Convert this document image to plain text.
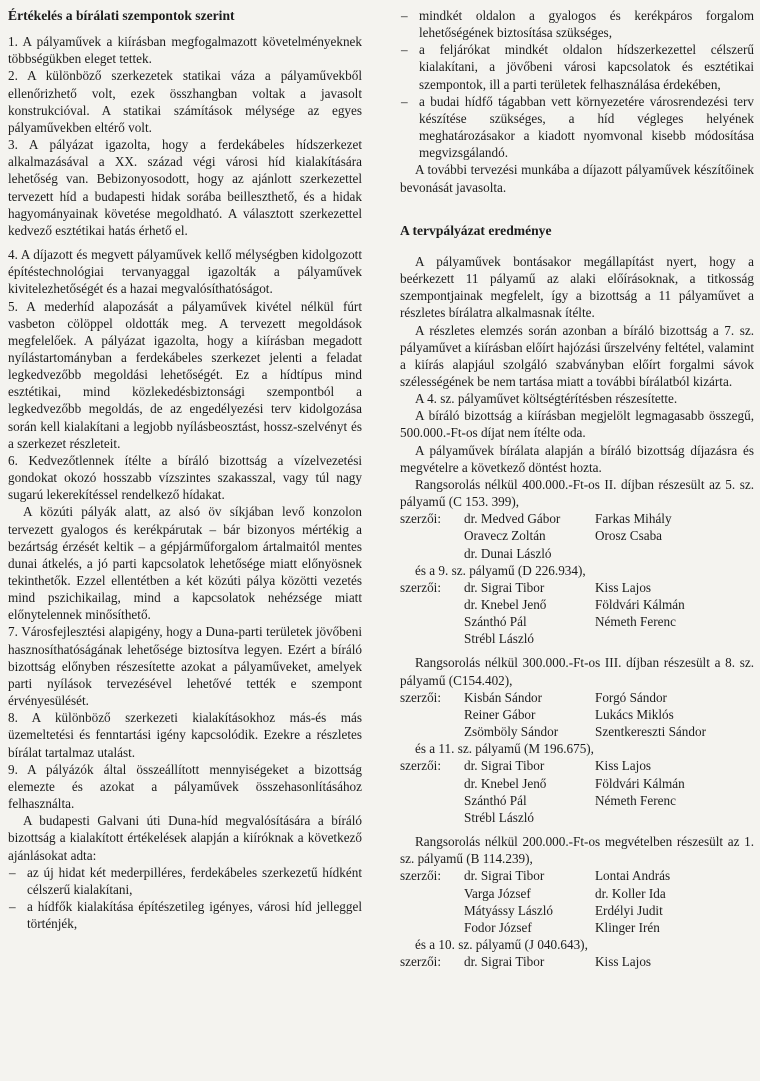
Értékelés a bírálati szempontok szerint

1. A pályaművek a kiírásban megfogalmazott követelményeknek többségükben eleget tettek.

2. A különböző szerkezetek statikai váza a pályaművekből ellenőrizhető volt, ezek összhangban voltak a javasolt konstrukcióval. A statikai számítások mélysége az egyes pályaművekben eltérő volt.

3. A pályázat igazolta, hogy a ferdekábeles hídszerkezet alkalmazásával a XX. század végi városi híd kialakítására lehetőség van. Bebizonyosodott, hogy az ajánlott szerkezettel tervezett híd a budapesti hidak sorába beilleszthető, és a hidak hagyományainak követése megoldható. A választott szerkezettel kedvező esztétikai hatás érhető el.

4. A díjazott és megvett pályaművek kellő mélységben kidolgozott építéstechnológiai tervanyaggal igazolták a pályaművek kivitelezhetőségét és a hazai megvalósíthatóságot.

5. A mederhíd alapozását a pályaművek kivétel nélkül fúrt vasbeton cölöppel oldották meg. A tervezett megoldások megfelelőek. A pályázat igazolta, hogy a kiírásban megadott nyílástartományban a ferdekábeles szerkezet jelenti a feladat legkedvezőbb megoldási lehetőségét. Ez a hídtípus mind esztétikai, mind közlekedésbiztonsági szempontból a legkedvezőbb megoldás, de az engedélyezési terv kidolgozása során kell kialakítani a legjobb nyílásbeosztást, hossz-szelvényt és a szerkezet részleteit.

6. Kedvezőtlennek ítélte a bíráló bizottság a vízelvezetési gondokat okozó hosszabb vízszintes szakasszal, vagy túl nagy sugarú lekerekítéssel rendelkező hídakat.

A közúti pályák alatt, az alsó öv síkjában levő konzolon tervezett gyalogos és kerékpárutak – bár bizonyos mértékig a bezártság érzését keltik – a gépjárműforgalom ártalmaitól mentes dunai átkelés, a jó parti kapcsolatok lehetősége miatt előnyösnek tekinthetők. Ezzel ellentétben a két közúti pálya közötti vezetés mind pszichikailag, mind a kapcsolatok nehézsége miatt előnytelennek minősíthető.

7. Városfejlesztési alapigény, hogy a Duna-parti területek jövőbeni hasznosíthatóságának lehetősége biztosítva legyen. Ezért a bíráló bizottság előnyben részesítette azokat a pályaműveket, amelyek parti nyílások tervezésével lehetővé tették e szempont érvényesülését.

8. A különböző szerkezeti kialakításokhoz más-és más üzemeltetési és fenntartási igény kapcsolódik. Ezekre a részletes bírálat tartalmaz utalást.

9. A pályázók által összeállított mennyiségeket a bizottság elemezte és azokat a pályaművek összehasonlításához felhasználta.

A budapesti Galvani úti Duna-híd megvalósítására a bíráló bizottság a kialakított értékelések alapján a kiíróknak a következő ajánlásokat adta:

– az új hidat két mederpilléres, ferdekábeles szerkezetű hídként célszerű kialakítani,

– a hídfők kialakítása építészetileg igényes, városi híd jelleggel történjék,

– mindkét oldalon a gyalogos és kerékpáros forgalom lehetőségének biztosítása szükséges,

– a feljárókat mindkét oldalon hídszerkezettel célszerű kialakítani, a jövőbeni városi kapcsolatok és esztétikai szempontok, ill a parti területek felhasználása érdekében,

– a budai hídfő tágabban vett környezetére városrendezési terv készítése szükséges, a híd végleges helyének meghatározásakor a kiadott nyomvonal kisebb módosítása megvizsgálandó.

A további tervezési munkába a díjazott pályaművek készítőinek bevonását javasolta.

A tervpályázat eredménye

A pályaművek bontásakor megállapítást nyert, hogy a beérkezett 11 pályamű az alaki előírásoknak, a titkosság szempontjainak megfelelt, így a bizottság a 11 pályaművet a részletes bírálatra alkalmasnak ítélte.

A részletes elemzés során azonban a bíráló bizottság a 7. sz. pályaművet a kiírásban előírt hajózási űrszelvény feltétel, valamint a kiírás alapjául szolgáló szabványban előírt forgalmi sávok szélességének be nem tartása miatt a további bírálatból kizárta.

A 4. sz. pályaművet költségtérítésben részesítette.

A bíráló bizottság a kiírásban megjelölt legmagasabb összegű, 500.000.-Ft-os díjat nem ítélte oda.

A pályaművek bírálata alapján a bíráló bizottság díjazásra és megvételre a következő döntést hozta.

Rangsorolás nélkül 400.000.-Ft-os II. díjban részesült az 5. sz. pályamű (C 153. 399),

szerzői:	dr. Medved Gábor	Farkas Mihály
Oravecz Zoltán	Orosz Csaba
dr. Dunai László

és a 9. sz. pályamű (D 226.934),

szerzői:	dr. Sigrai Tibor	Kiss Lajos
dr. Knebel Jenő	Földvári Kálmán
Szánthó Pál	Németh Ferenc
Strébl László

Rangsorolás nélkül 300.000.-Ft-os III. díjban részesült a 8. sz. pályamű (C154.402),

szerzői:	Kisbán Sándor	Forgó Sándor
Reiner Gábor	Lukács Miklós
Zsömböly Sándor	Szentkereszti Sándor

és a 11. sz. pályamű (M 196.675),

szerzői:	dr. Sigrai Tibor	Kiss Lajos
dr. Knebel Jenő	Földvári Kálmán
Szánthó Pál	Németh Ferenc
Strébl László

Rangsorolás nélkül 200.000.-Ft-os megvételben részesült az 1. sz. pályamű (B 114.239),

szerzői:	dr. Sigrai Tibor	Lontai András
Varga József	dr. Koller Ida
Mátyássy László	Erdélyi Judit
Fodor József	Klinger Irén

és a 10. sz. pályamű (J 040.643),

szerzői:	dr. Sigrai Tibor	Kiss Lajos
